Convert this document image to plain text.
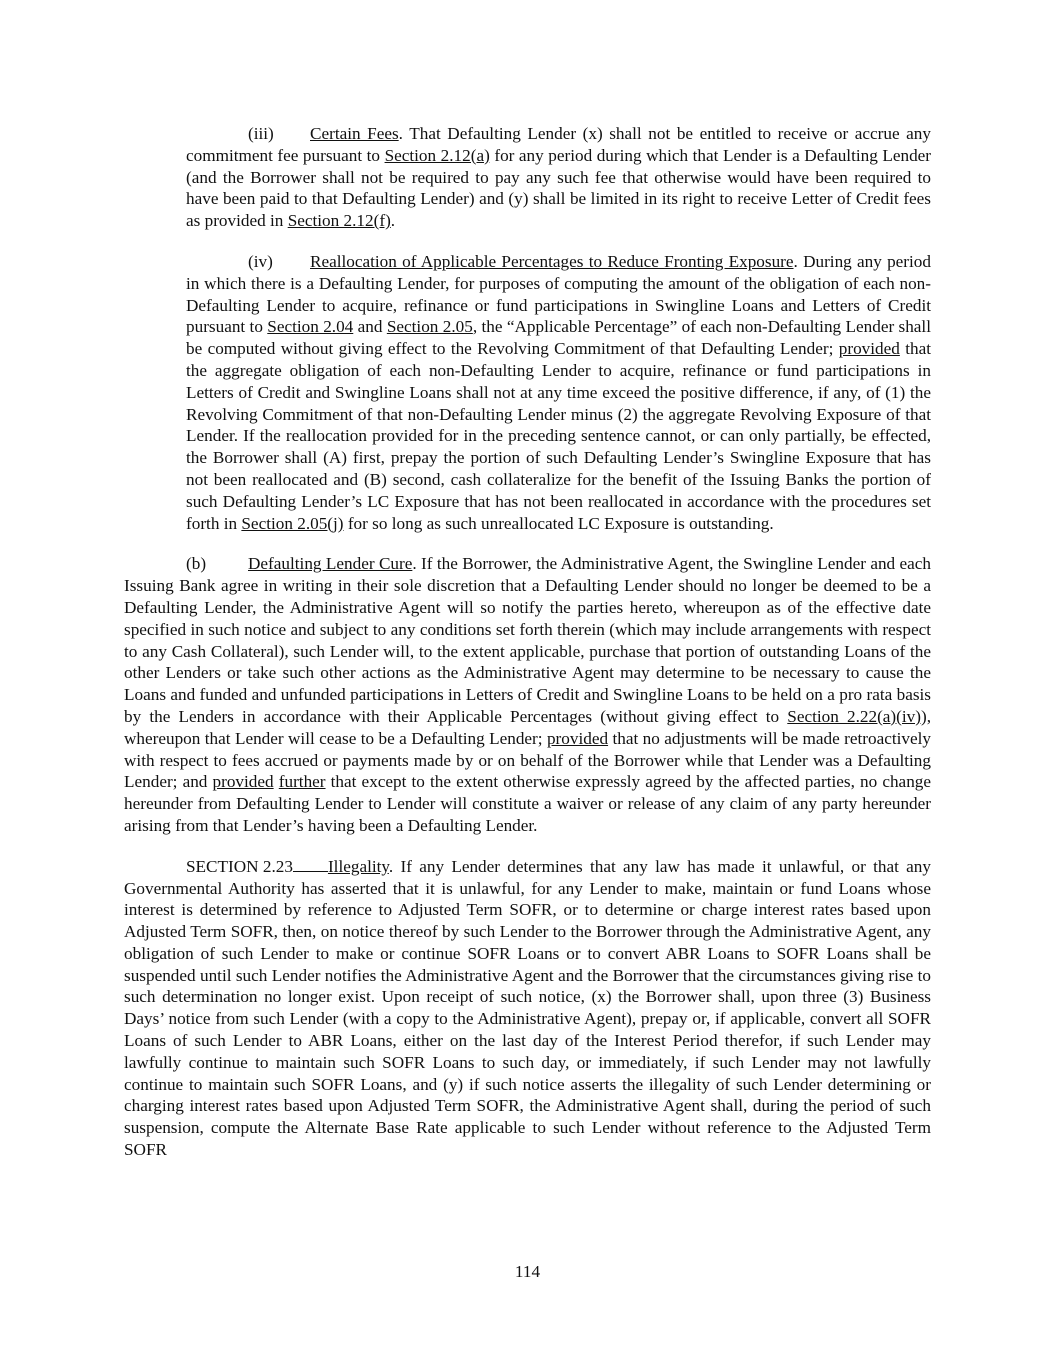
(iii) Certain Fees. That Defaulting Lender (x) shall not be entitled to receive or accrue any commitment fee pursuant to Section 2.12(a) for any period during which that Lender is a Defaulting Lender (and the Borrower shall not be required to pay any such fee that otherwise would have been required to have been paid to that Defaulting Lender) and (y) shall be limited in its right to receive Letter of Credit fees as provided in Section 2.12(f).

(iv) Reallocation of Applicable Percentages to Reduce Fronting Exposure. During any period in which there is a Defaulting Lender, for purposes of computing the amount of the obligation of each non-Defaulting Lender to acquire, refinance or fund participations in Swingline Loans and Letters of Credit pursuant to Section 2.04 and Section 2.05, the “Applicable Percentage” of each non-Defaulting Lender shall be computed without giving effect to the Revolving Commitment of that Defaulting Lender; provided that the aggregate obligation of each non-Defaulting Lender to acquire, refinance or fund participations in Letters of Credit and Swingline Loans shall not at any time exceed the positive difference, if any, of (1) the Revolving Commitment of that non-Defaulting Lender minus (2) the aggregate Revolving Exposure of that Lender. If the reallocation provided for in the preceding sentence cannot, or can only partially, be effected, the Borrower shall (A) first, prepay the portion of such Defaulting Lender’s Swingline Exposure that has not been reallocated and (B) second, cash collateralize for the benefit of the Issuing Banks the portion of such Defaulting Lender’s LC Exposure that has not been reallocated in accordance with the procedures set forth in Section 2.05(j) for so long as such unreallocated LC Exposure is outstanding.

(b) Defaulting Lender Cure. If the Borrower, the Administrative Agent, the Swingline Lender and each Issuing Bank agree in writing in their sole discretion that a Defaulting Lender should no longer be deemed to be a Defaulting Lender, the Administrative Agent will so notify the parties hereto, whereupon as of the effective date specified in such notice and subject to any conditions set forth therein (which may include arrangements with respect to any Cash Collateral), such Lender will, to the extent applicable, purchase that portion of outstanding Loans of the other Lenders or take such other actions as the Administrative Agent may determine to be necessary to cause the Loans and funded and unfunded participations in Letters of Credit and Swingline Loans to be held on a pro rata basis by the Lenders in accordance with their Applicable Percentages (without giving effect to Section 2.22(a)(iv)), whereupon that Lender will cease to be a Defaulting Lender; provided that no adjustments will be made retroactively with respect to fees accrued or payments made by or on behalf of the Borrower while that Lender was a Defaulting Lender; and provided further that except to the extent otherwise expressly agreed by the affected parties, no change hereunder from Defaulting Lender to Lender will constitute a waiver or release of any claim of any party hereunder arising from that Lender’s having been a Defaulting Lender.

SECTION 2.23 Illegality. If any Lender determines that any law has made it unlawful, or that any Governmental Authority has asserted that it is unlawful, for any Lender to make, maintain or fund Loans whose interest is determined by reference to Adjusted Term SOFR, or to determine or charge interest rates based upon Adjusted Term SOFR, then, on notice thereof by such Lender to the Borrower through the Administrative Agent, any obligation of such Lender to make or continue SOFR Loans or to convert ABR Loans to SOFR Loans shall be suspended until such Lender notifies the Administrative Agent and the Borrower that the circumstances giving rise to such determination no longer exist. Upon receipt of such notice, (x) the Borrower shall, upon three (3) Business Days’ notice from such Lender (with a copy to the Administrative Agent), prepay or, if applicable, convert all SOFR Loans of such Lender to ABR Loans, either on the last day of the Interest Period therefor, if such Lender may lawfully continue to maintain such SOFR Loans to such day, or immediately, if such Lender may not lawfully continue to maintain such SOFR Loans, and (y) if such notice asserts the illegality of such Lender determining or charging interest rates based upon Adjusted Term SOFR, the Administrative Agent shall, during the period of such suspension, compute the Alternate Base Rate applicable to such Lender without reference to the Adjusted Term SOFR

114
